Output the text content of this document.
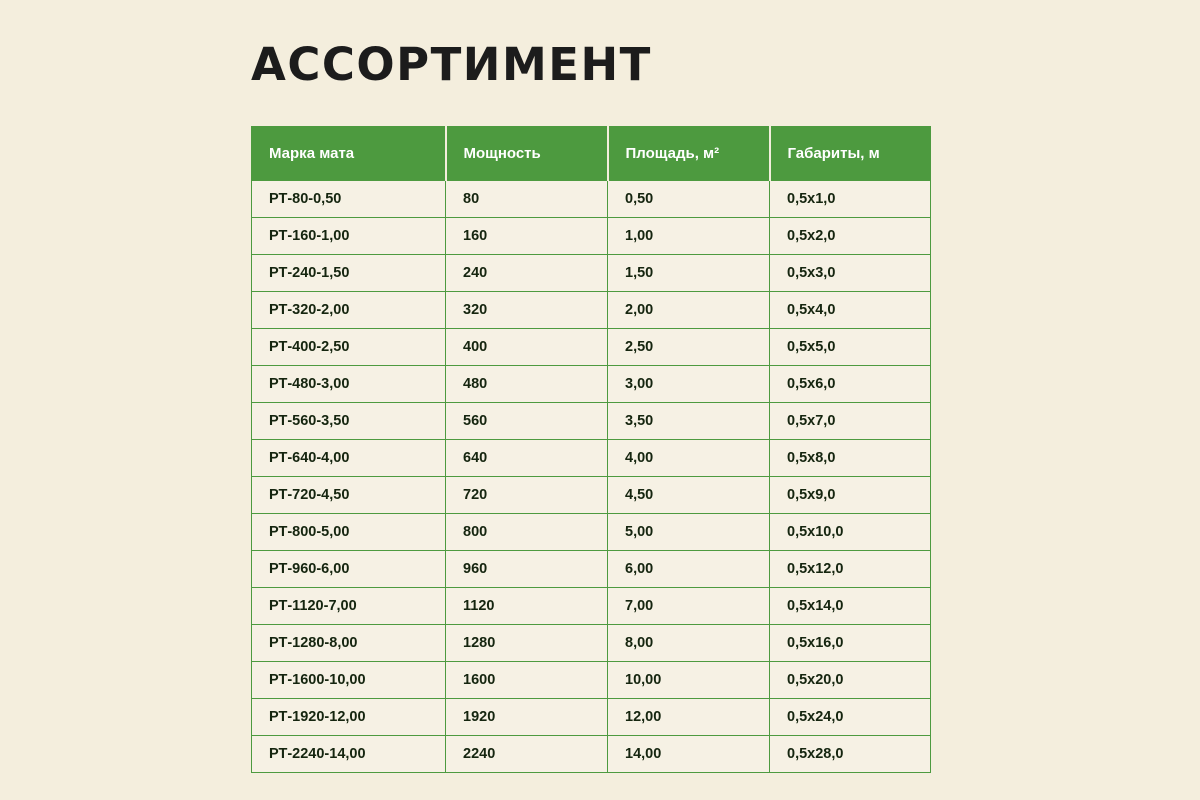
АССОРТИМЕНТ
Марка мата	Мощность	Площадь, м²	Габариты, м
РТ-80-0,50	80	0,50	0,5х1,0
РТ-160-1,00	160	1,00	0,5х2,0
РТ-240-1,50	240	1,50	0,5х3,0
РТ-320-2,00	320	2,00	0,5х4,0
РТ-400-2,50	400	2,50	0,5х5,0
РТ-480-3,00	480	3,00	0,5х6,0
РТ-560-3,50	560	3,50	0,5х7,0
РТ-640-4,00	640	4,00	0,5х8,0
РТ-720-4,50	720	4,50	0,5х9,0
РТ-800-5,00	800	5,00	0,5х10,0
РТ-960-6,00	960	6,00	0,5х12,0
РТ-1120-7,00	1120	7,00	0,5х14,0
РТ-1280-8,00	1280	8,00	0,5х16,0
РТ-1600-10,00	1600	10,00	0,5х20,0
РТ-1920-12,00	1920	12,00	0,5х24,0
РТ-2240-14,00	2240	14,00	0,5х28,0
